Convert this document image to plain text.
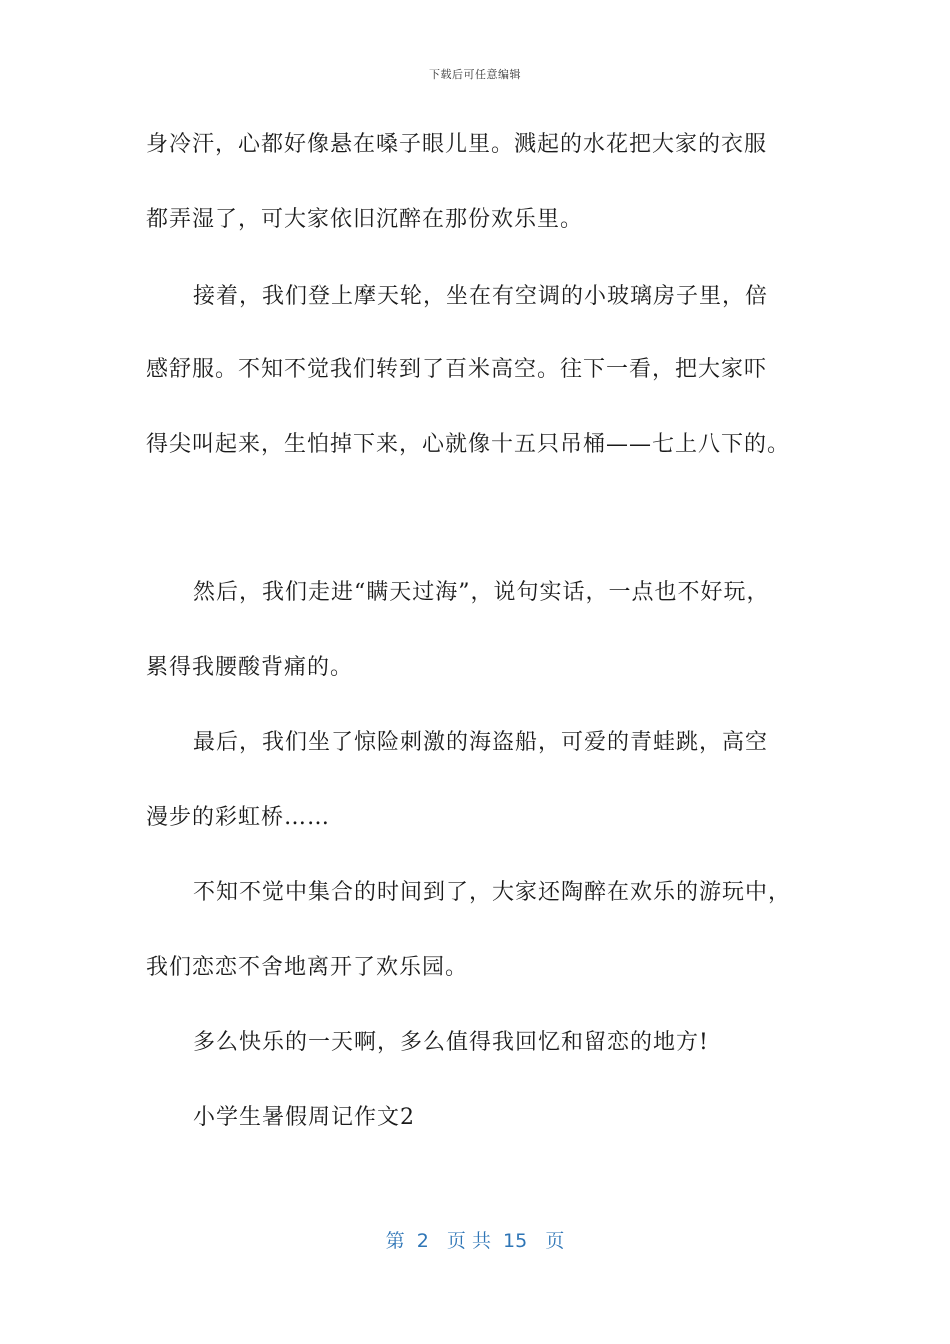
下载后可任意编辑
身冷汗，心都好像悬在嗓子眼儿里。溅起的水花把大家的衣服
都弄湿了，可大家依旧沉醉在那份欢乐里。
接着，我们登上摩天轮，坐在有空调的小玻璃房子里，倍
感舒服。不知不觉我们转到了百米高空。往下一看，把大家吓
得尖叫起来，生怕掉下来，心就像十五只吊桶——七上八下的。
然后，我们走进“瞒天过海”，说句实话，一点也不好玩，
累得我腰酸背痛的。
最后，我们坐了惊险刺激的海盗船，可爱的青蛙跳，高空
漫步的彩虹桥……
不知不觉中集合的时间到了，大家还陶醉在欢乐的游玩中，
我们恋恋不舍地离开了欢乐园。
多么快乐的一天啊，多么值得我回忆和留恋的地方!
小学生暑假周记作文2
第  2   页 共  15   页
